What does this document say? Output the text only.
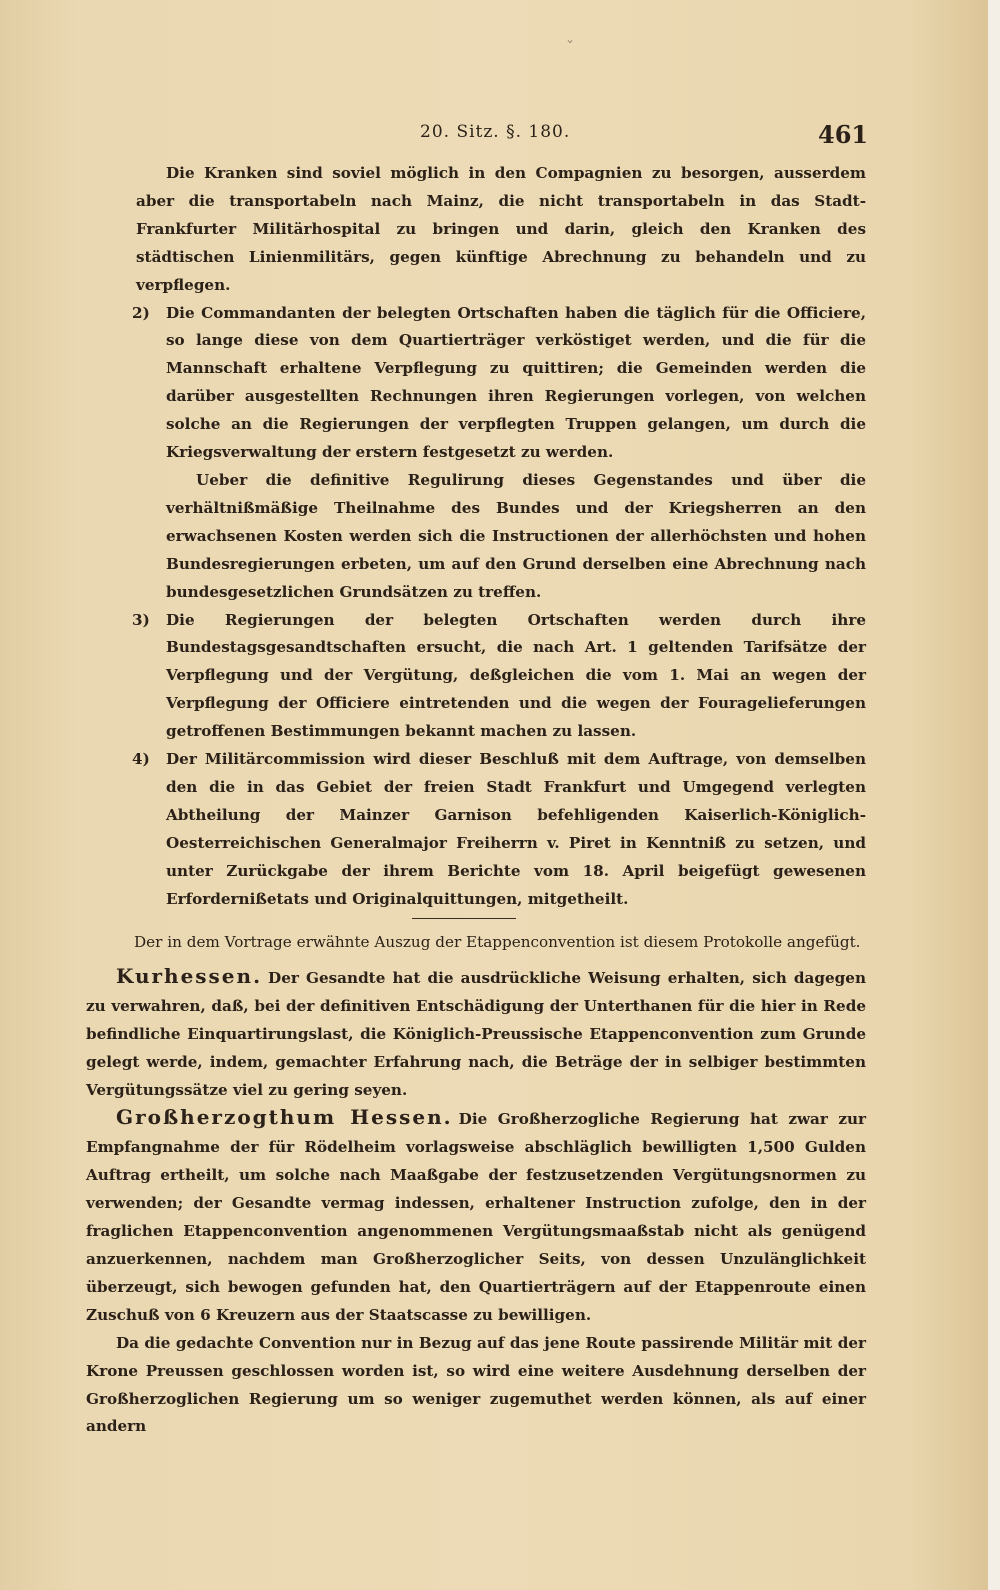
ˇ
20. Sitz. §. 180.	461

Die Kranken sind soviel möglich in den Compagnien zu besorgen, ausserdem aber die transportabeln nach Mainz, die nicht transportabeln in das Stadt-Frankfurter Militärhospital zu bringen und darin, gleich den Kranken des städtischen Linienmilitärs, gegen künftige Abrechnung zu behandeln und zu verpflegen.

2) Die Commandanten der belegten Ortschaften haben die täglich für die Officiere, so lange diese von dem Quartierträger verköstiget werden, und die für die Mannschaft erhaltene Verpflegung zu quittiren; die Gemeinden werden die darüber ausgestellten Rechnungen ihren Regierungen vorlegen, von welchen solche an die Regierungen der verpflegten Truppen gelangen, um durch die Kriegsverwaltung der erstern festgesetzt zu werden.

Ueber die definitive Regulirung dieses Gegenstandes und über die verhältnißmäßige Theilnahme des Bundes und der Kriegsherren an den erwachsenen Kosten werden sich die Instructionen der allerhöchsten und hohen Bundesregierungen erbeten, um auf den Grund derselben eine Abrechnung nach bundesgesetzlichen Grundsätzen zu treffen.

3) Die Regierungen der belegten Ortschaften werden durch ihre Bundestagsgesandtschaften ersucht, die nach Art. 1 geltenden Tarifsätze der Verpflegung und der Vergütung, deßgleichen die vom 1. Mai an wegen der Verpflegung der Officiere eintretenden und die wegen der Fouragelieferungen getroffenen Bestimmungen bekannt machen zu lassen.

4) Der Militärcommission wird dieser Beschluß mit dem Auftrage, von demselben den die in das Gebiet der freien Stadt Frankfurt und Umgegend verlegten Abtheilung der Mainzer Garnison befehligenden Kaiserlich-Königlich-Oesterreichischen Generalmajor Freiherrn v. Piret in Kenntniß zu setzen, und unter Zurückgabe der ihrem Berichte vom 18. April beigefügt gewesenen Erfordernißetats und Originalquittungen, mitgetheilt.

Der in dem Vortrage erwähnte Auszug der Etappenconvention ist diesem Protokolle angefügt.

Kurhessen. Der Gesandte hat die ausdrückliche Weisung erhalten, sich dagegen zu verwahren, daß, bei der definitiven Entschädigung der Unterthanen für die hier in Rede befindliche Einquartirungslast, die Königlich-Preussische Etappenconvention zum Grunde gelegt werde, indem, gemachter Erfahrung nach, die Beträge der in selbiger bestimmten Vergütungssätze viel zu gering seyen.

Großherzogthum Hessen. Die Großherzogliche Regierung hat zwar zur Empfangnahme der für Rödelheim vorlagsweise abschläglich bewilligten 1,500 Gulden Auftrag ertheilt, um solche nach Maaßgabe der festzusetzenden Vergütungsnormen zu verwenden; der Gesandte vermag indessen, erhaltener Instruction zufolge, den in der fraglichen Etappenconvention angenommenen Vergütungsmaaßstab nicht als genügend anzuerkennen, nachdem man Großherzoglicher Seits, von dessen Unzulänglichkeit überzeugt, sich bewogen gefunden hat, den Quartierträgern auf der Etappenroute einen Zuschuß von 6 Kreuzern aus der Staatscasse zu bewilligen.

Da die gedachte Convention nur in Bezug auf das jene Route passirende Militär mit der Krone Preussen geschlossen worden ist, so wird eine weitere Ausdehnung derselben der Großherzoglichen Regierung um so weniger zugemuthet werden können, als auf einer andern
